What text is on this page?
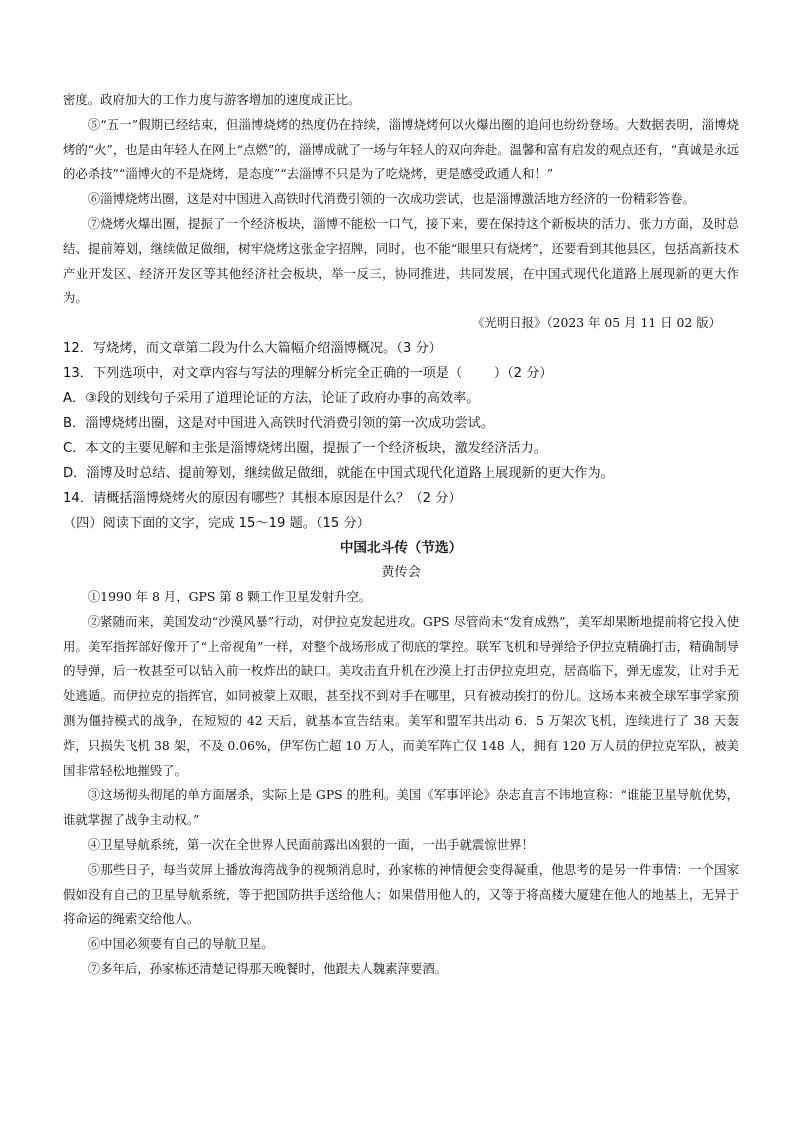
密度。政府加大的工作力度与游客增加的速度成正比。

⑤“五一”假期已经结束，但淄博烧烤的热度仍在持续，淄博烧烤何以火爆出圈的追问也纷纷登场。大数据表明，淄博烧烤的“火”，也是由年轻人在网上“点燃”的，淄博成就了一场与年轻人的双向奔赴。温馨和富有启发的观点还有，“真诚是永远的必杀技”“淄博火的不是烧烤，是态度”“去淄博不只是为了吃烧烤，更是感受政通人和！”

⑥淄博烧烤出圈，这是对中国进入高铁时代消费引领的一次成功尝试，也是淄博激活地方经济的一份精彩答卷。

⑦烧烤火爆出圈，提振了一个经济板块，淄博不能松一口气，接下来，要在保持这个新板块的活力、张力方面，及时总结、提前筹划，继续做足做细，树牢烧烤这张金字招牌，同时，也不能“眼里只有烧烤”，还要看到其他县区，包括高新技术产业开发区、经济开发区等其他经济社会板块，举一反三，协同推进，共同发展，在中国式现代化道路上展现新的更大作为。

《光明日报》（2023 年 05 月 11 日 02 版）

12．写烧烤，而文章第二段为什么大篇幅介绍淄博概况。（3 分）

13．下列选项中，对文章内容与写法的理解分析完全正确的一项是（ ）（2 分）

A．③段的划线句子采用了道理论证的方法，论证了政府办事的高效率。

B．淄博烧烤出圈，这是对中国进入高铁时代消费引领的第一次成功尝试。

C．本文的主要见解和主张是淄博烧烤出圈，提振了一个经济板块，激发经济活力。

D．淄博及时总结、提前筹划，继续做足做细，就能在中国式现代化道路上展现新的更大作为。

14．请概括淄博烧烤火的原因有哪些？其根本原因是什么？（2 分）

（四）阅读下面的文字，完成 15～19 题。（15 分）

中国北斗传（节选）

黄传会

①1990 年 8 月，GPS 第 8 颗工作卫星发射升空。

②紧随而来，美国发动“沙漠风暴”行动，对伊拉克发起进攻。GPS 尽管尚未“发育成熟”，美军却果断地提前将它投入使用。美军指挥部好像开了“上帝视角”一样，对整个战场形成了彻底的掌控。联军飞机和导弹给予伊拉克精确打击，精确制导的导弹，后一枚甚至可以钻入前一枚炸出的缺口。美攻击直升机在沙漠上打击伊拉克坦克，居高临下，弹无虚发，让对手无处逃遁。而伊拉克的指挥官，如同被蒙上双眼，甚至找不到对手在哪里，只有被动挨打的份儿。这场本来被全球军事学家预测为僵持模式的战争，在短短的 42 天后，就基本宣告结束。美军和盟军共出动 6．5 万架次飞机，连续进行了 38 天轰炸，只损失飞机 38 架，不及 0.06%，伊军伤亡超 10 万人，而美军阵亡仅 148 人，拥有 120 万人员的伊拉克军队，被美国非常轻松地摧毁了。

③这场彻头彻尾的单方面屠杀，实际上是 GPS 的胜利。美国《军事评论》杂志直言不讳地宣称：“谁能卫星导航优势，谁就掌握了战争主动权。”

④卫星导航系统，第一次在全世界人民面前露出凶狠的一面，一出手就震惊世界！

⑤那些日子，每当荧屏上播放海湾战争的视频消息时，孙家栋的神情便会变得凝重，他思考的是另一件事情：一个国家假如没有自己的卫星导航系统，等于把国防拱手送给他人；如果借用他人的，又等于将高楼大厦建在他人的地基上，无异于将命运的绳索交给他人。

⑥中国必须要有自己的导航卫星。

⑦多年后，孙家栋还清楚记得那天晚餐时，他跟夫人魏素萍要酒。
